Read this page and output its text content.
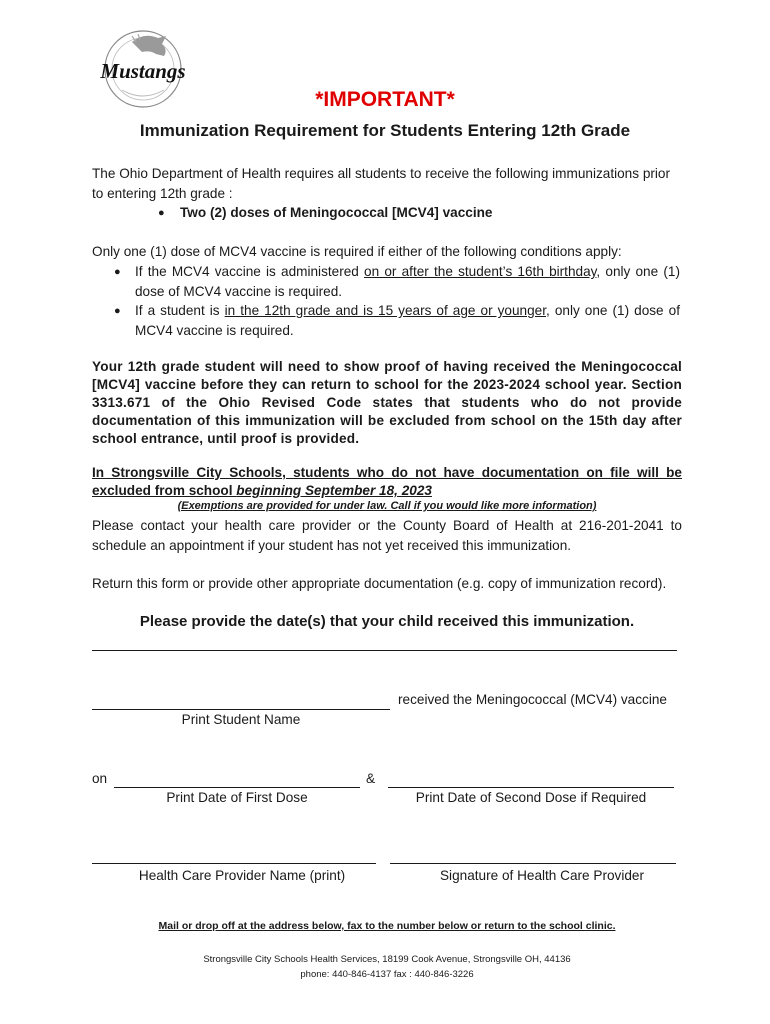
Mustangs
*IMPORTANT*
Immunization Requirement for Students Entering 12th Grade
The Ohio Department of Health requires all students to receive the following immunizations prior to entering 12th grade :
● Two (2) doses of Meningococcal [MCV4] vaccine
Only one (1) dose of MCV4 vaccine is required if either of the following conditions apply:
● If the MCV4 vaccine is administered on or after the student’s 16th birthday, only one (1) dose of MCV4 vaccine is required.
● If a student is in the 12th grade and is 15 years of age or younger, only one (1) dose of MCV4 vaccine is required.
Your 12th grade student will need to show proof of having received the Meningococcal [MCV4] vaccine before they can return to school for the 2023-2024 school year. Section 3313.671 of the Ohio Revised Code states that students who do not provide documentation of this immunization will be excluded from school on the 15th day after school entrance, until proof is provided.
In Strongsville City Schools, students who do not have documentation on file will be excluded from school beginning September 18, 2023
(Exemptions are provided for under law. Call if you would like more information)
Please contact your health care provider or the County Board of Health at 216-201-2041 to schedule an appointment if your student has not yet received this immunization.
Return this form or provide other appropriate documentation (e.g. copy of immunization record).
Please provide the date(s) that your child received this immunization.
received the Meningococcal (MCV4) vaccine
Print Student Name
on	&
Print Date of First Dose	Print Date of Second Dose if Required
Health Care Provider Name (print)	Signature of Health Care Provider
Mail or drop off at the address below, fax to the number below or return to the school clinic.
Strongsville City Schools Health Services, 18199 Cook Avenue, Strongsville OH, 44136
phone: 440-846-4137 fax : 440-846-3226
